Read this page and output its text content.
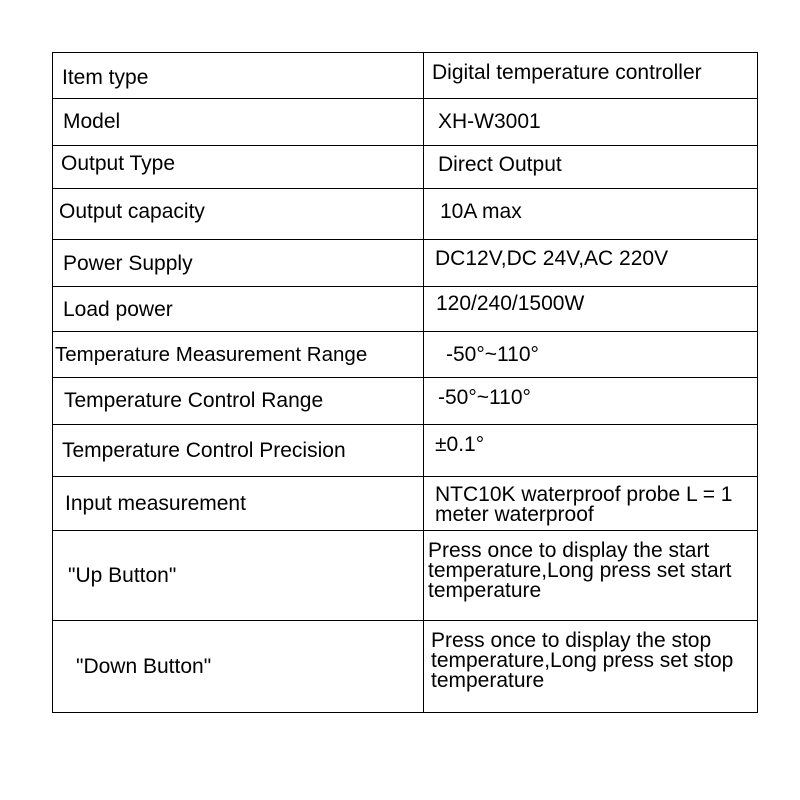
Item type	Digital temperature controller

Model	XH-W3001

Output Type	Direct Output

Output capacity	10A max

Power Supply	DC12V,DC 24V,AC 220V

Load power	120/240/1500W

Temperature Measurement Range	-50°~110°

Temperature Control Range	-50°~110°

Temperature Control Precision	±0.1°

Input measurement	NTC10K waterproof probe L = 1 meter waterproof

"Up Button"	Press once to display the start temperature,Long press set start temperature

"Down Button"	Press once to display the stop temperature,Long press set stop temperature
